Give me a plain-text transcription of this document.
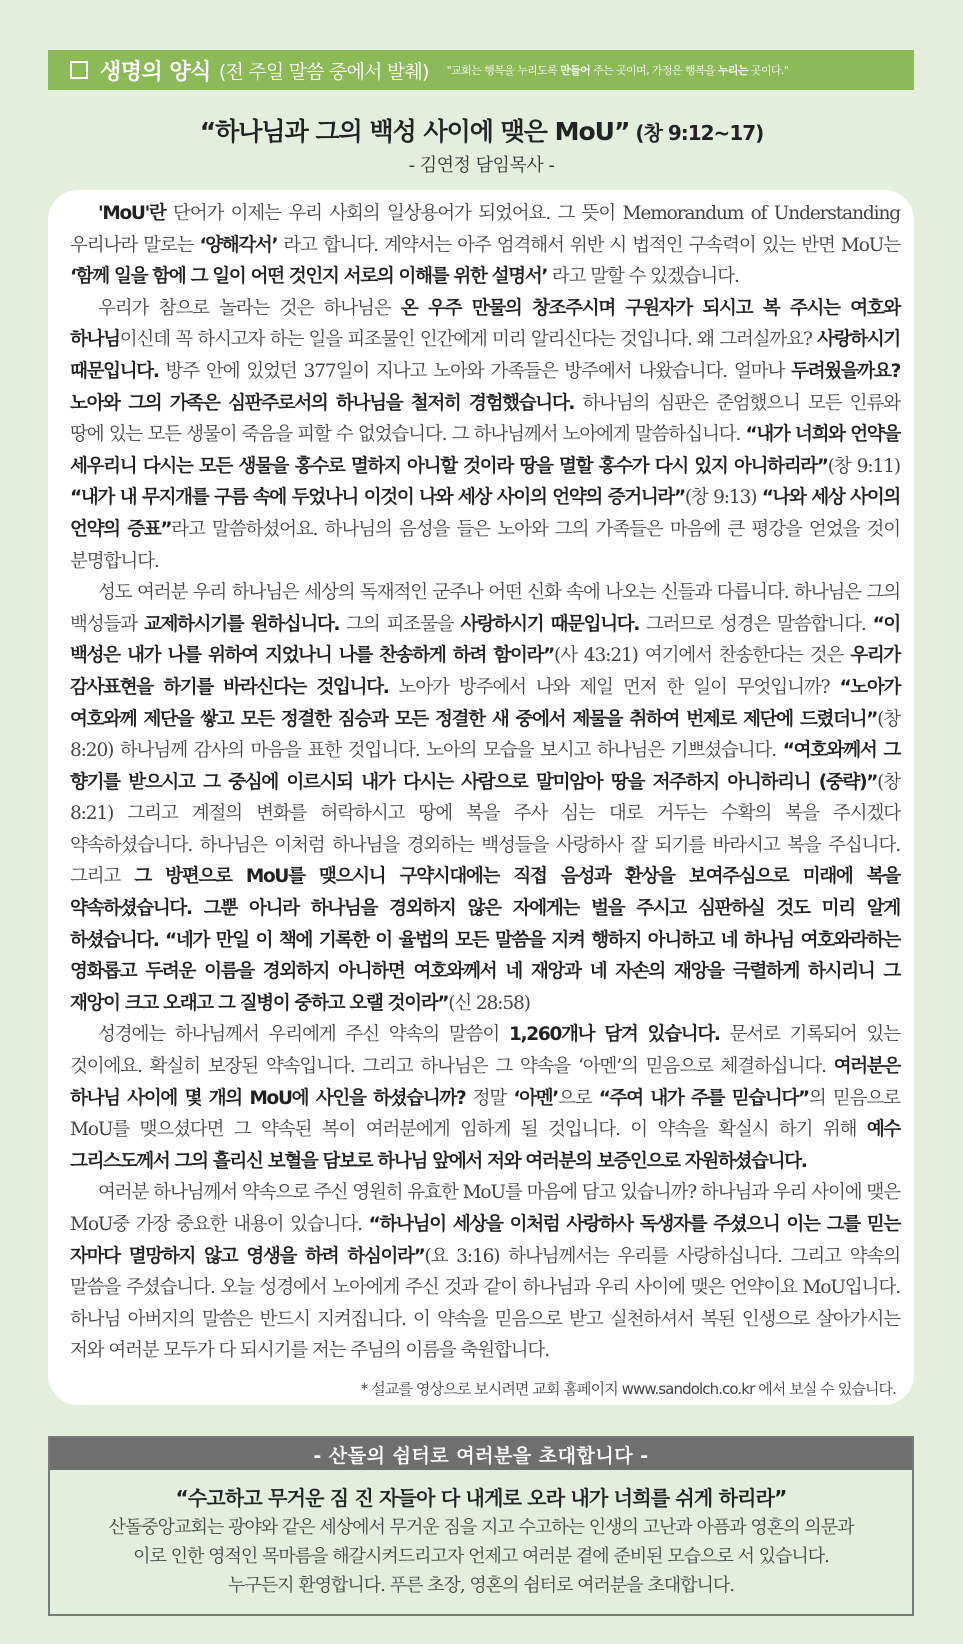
생명의 양식 (전 주일 말씀 중에서 발췌) "교회는 행복을 누리도록 만들어 주는 곳이며, 가정은 행복을 누리는 곳이다."
“하나님과 그의 백성 사이에 맺은 MoU” (창 9:12~17)
- 김연정 담임목사 -

'MoU'란 단어가 이제는 우리 사회의 일상용어가 되었어요. 그 뜻이 Memorandum of Understanding 우리나라 말로는 ‘양해각서’ 라고 합니다. 계약서는 아주 엄격해서 위반 시 법적인 구속력이 있는 반면 MoU는 ‘함께 일을 함에 그 일이 어떤 것인지 서로의 이해를 위한 설명서’ 라고 말할 수 있겠습니다.

우리가 참으로 놀라는 것은 하나님은 온 우주 만물의 창조주시며 구원자가 되시고 복 주시는 여호와 하나님이신데 꼭 하시고자 하는 일을 피조물인 인간에게 미리 알리신다는 것입니다. 왜 그러실까요? 사랑하시기 때문입니다. 방주 안에 있었던 377일이 지나고 노아와 가족들은 방주에서 나왔습니다. 얼마나 두려웠을까요? 노아와 그의 가족은 심판주로서의 하나님을 철저히 경험했습니다. 하나님의 심판은 준엄했으니 모든 인류와 땅에 있는 모든 생물이 죽음을 피할 수 없었습니다. 그 하나님께서 노아에게 말씀하십니다. “내가 너희와 언약을 세우리니 다시는 모든 생물을 홍수로 멸하지 아니할 것이라 땅을 멸할 홍수가 다시 있지 아니하리라”(창 9:11) “내가 내 무지개를 구름 속에 두었나니 이것이 나와 세상 사이의 언약의 증거니라”(창 9:13) “나와 세상 사이의 언약의 증표”라고 말씀하셨어요. 하나님의 음성을 들은 노아와 그의 가족들은 마음에 큰 평강을 얻었을 것이 분명합니다.

성도 여러분 우리 하나님은 세상의 독재적인 군주나 어떤 신화 속에 나오는 신들과 다릅니다. 하나님은 그의 백성들과 교제하시기를 원하십니다. 그의 피조물을 사랑하시기 때문입니다. 그러므로 성경은 말씀합니다. “이 백성은 내가 나를 위하여 지었나니 나를 찬송하게 하려 함이라”(사 43:21) 여기에서 찬송한다는 것은 우리가 감사표현을 하기를 바라신다는 것입니다. 노아가 방주에서 나와 제일 먼저 한 일이 무엇입니까? “노아가 여호와께 제단을 쌓고 모든 정결한 짐승과 모든 정결한 새 중에서 제물을 취하여 번제로 제단에 드렸더니”(창 8:20) 하나님께 감사의 마음을 표한 것입니다. 노아의 모습을 보시고 하나님은 기쁘셨습니다. “여호와께서 그 향기를 받으시고 그 중심에 이르시되 내가 다시는 사람으로 말미암아 땅을 저주하지 아니하리니 (중략)”(창 8:21) 그리고 계절의 변화를 허락하시고 땅에 복을 주사 심는 대로 거두는 수확의 복을 주시겠다 약속하셨습니다. 하나님은 이처럼 하나님을 경외하는 백성들을 사랑하사 잘 되기를 바라시고 복을 주십니다. 그리고 그 방편으로 MoU를 맺으시니 구약시대에는 직접 음성과 환상을 보여주심으로 미래에 복을 약속하셨습니다. 그뿐 아니라 하나님을 경외하지 않은 자에게는 벌을 주시고 심판하실 것도 미리 알게 하셨습니다. “네가 만일 이 책에 기록한 이 율법의 모든 말씀을 지켜 행하지 아니하고 네 하나님 여호와라하는 영화롭고 두려운 이름을 경외하지 아니하면 여호와께서 네 재앙과 네 자손의 재앙을 극렬하게 하시리니 그 재앙이 크고 오래고 그 질병이 중하고 오랠 것이라”(신 28:58)

성경에는 하나님께서 우리에게 주신 약속의 말씀이 1,260개나 담겨 있습니다. 문서로 기록되어 있는 것이에요. 확실히 보장된 약속입니다. 그리고 하나님은 그 약속을 ‘아멘’의 믿음으로 체결하십니다. 여러분은 하나님 사이에 몇 개의 MoU에 사인을 하셨습니까? 정말 ‘아멘’으로 “주여 내가 주를 믿습니다”의 믿음으로 MoU를 맺으셨다면 그 약속된 복이 여러분에게 임하게 될 것입니다. 이 약속을 확실시 하기 위해 예수 그리스도께서 그의 흘리신 보혈을 담보로 하나님 앞에서 저와 여러분의 보증인으로 자원하셨습니다.

여러분 하나님께서 약속으로 주신 영원히 유효한 MoU를 마음에 담고 있습니까? 하나님과 우리 사이에 맺은 MoU중 가장 중요한 내용이 있습니다. “하나님이 세상을 이처럼 사랑하사 독생자를 주셨으니 이는 그를 믿는 자마다 멸망하지 않고 영생을 하려 하심이라”(요 3:16) 하나님께서는 우리를 사랑하십니다. 그리고 약속의 말씀을 주셨습니다. 오늘 성경에서 노아에게 주신 것과 같이 하나님과 우리 사이에 맺은 언약이요 MoU입니다. 하나님 아버지의 말씀은 반드시 지켜집니다. 이 약속을 믿음으로 받고 실천하셔서 복된 인생으로 살아가시는 저와 여러분 모두가 다 되시기를 저는 주님의 이름을 축원합니다.

* 설교를 영상으로 보시려면 교회 홈페이지 www.sandolch.co.kr 에서 보실 수 있습니다.
- 산돌의 쉼터로 여러분을 초대합니다 -
“수고하고 무거운 짐 진 자들아 다 내게로 오라 내가 너희를 쉬게 하리라”
산돌중앙교회는 광야와 같은 세상에서 무거운 짐을 지고 수고하는 인생의 고난과 아픔과 영혼의 의문과
이로 인한 영적인 목마름을 해갈시켜드리고자 언제고 여러분 곁에 준비된 모습으로 서 있습니다.
누구든지 환영합니다. 푸른 초장, 영혼의 쉼터로 여러분을 초대합니다.
